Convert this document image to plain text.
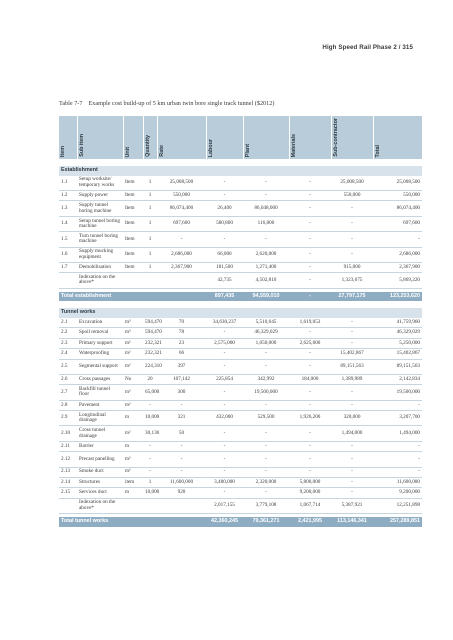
High Speed Rail Phase 2 / 315
Table 7-7 Example cost build-up of 5 km urban twin bore single track tunnel ($2012)
Item	Sub item	Unit	Quantity	Rate	Labour	Plant	Materials	Sub-contractor	Total

Establishment									
1.1	Setup worksite/ temporary works	Item	1	25,008,500	-	-	-	25,008,500	25,008,500
1.2	Supply power	Item	1	550,000	-	-	-	550,000	550,000
1.3	Supply tunnel boring machine	Item	1	86,074,400	26,400	86,048,000	-	-	86,074,400
1.4	Setup tunnel boring machine	Item	1	697,600	580,800	116,800	-	-	697,600
1.5	Turn tunnel boring machine	Item	1	-	-	-	-	-	-
1.6	Supply mucking equipment	Item	1	2,686,000	66,000	2,620,000	-	-	2,686,000
1.7	Demobilisation	Item	1	2,367,900	181,500	1,271,400	-	915,000	2,367,900
	Indexation on the above*				42,735	4,502,810	-	1,323,675	5,869,220

Total establishment					897,435	94,559,010	-	27,797,175	123,253,620

Tunnel works									
2.1	Excavation	m³	594,470	70	34,630,237	5,510,645	1,619,053	-	41,759,960
2.2	Spoil removal	m³	594,470	78	-	46,329,029	-	-	46,329,029
2.3	Primary support	m²	232,321	23	2,575,000	1,050,000	2,625,000	-	5,250,000
2.4	Waterproofing	m²	232,321	66	-	-	-	15,402,867	15,402,867
2.5	Segmental support	m²	224,310	397	-	-	-	89,151,563	89,151,563
2.6	Cross passages	No	20	107,142	225,854	342,992	184,000	1,389,989	2,142,834
2.7	Backfill tunnel floor	m³	65,000	300	-	19,500,000	-	-	19,500,000
2.8	Pavement	m²	-	-	-	-	-	-	-
2.9	Longitudinal drainage	m	10,000	321	432,000	529,500	1,926,200	320,000	3,207,700
2.10	Cross tunnel drainage	m²	30,136	50	-	-	-	1,494,000	1,494,000
2.11	Barrier	m	-	-	-	-	-	-	-
2.12	Precast panelling	m²	-	-	-	-	-	-	-
2.13	Smoke duct	m²	-	-	-	-	-	-	-
2.14	Structures	item	1	11,600,000	3,480,000	2,320,000	5,800,000	-	11,600,000
2.15	Services duct	m	10,000	920	-	-	9,200,000	-	9,200,000
	Indexation on the above*				2,017,155	3,779,108	1,067,714	5,387,921	12,251,898

Total tunnel works					42,360,245	79,361,271	2,421,995	113,146,341	257,289,851
